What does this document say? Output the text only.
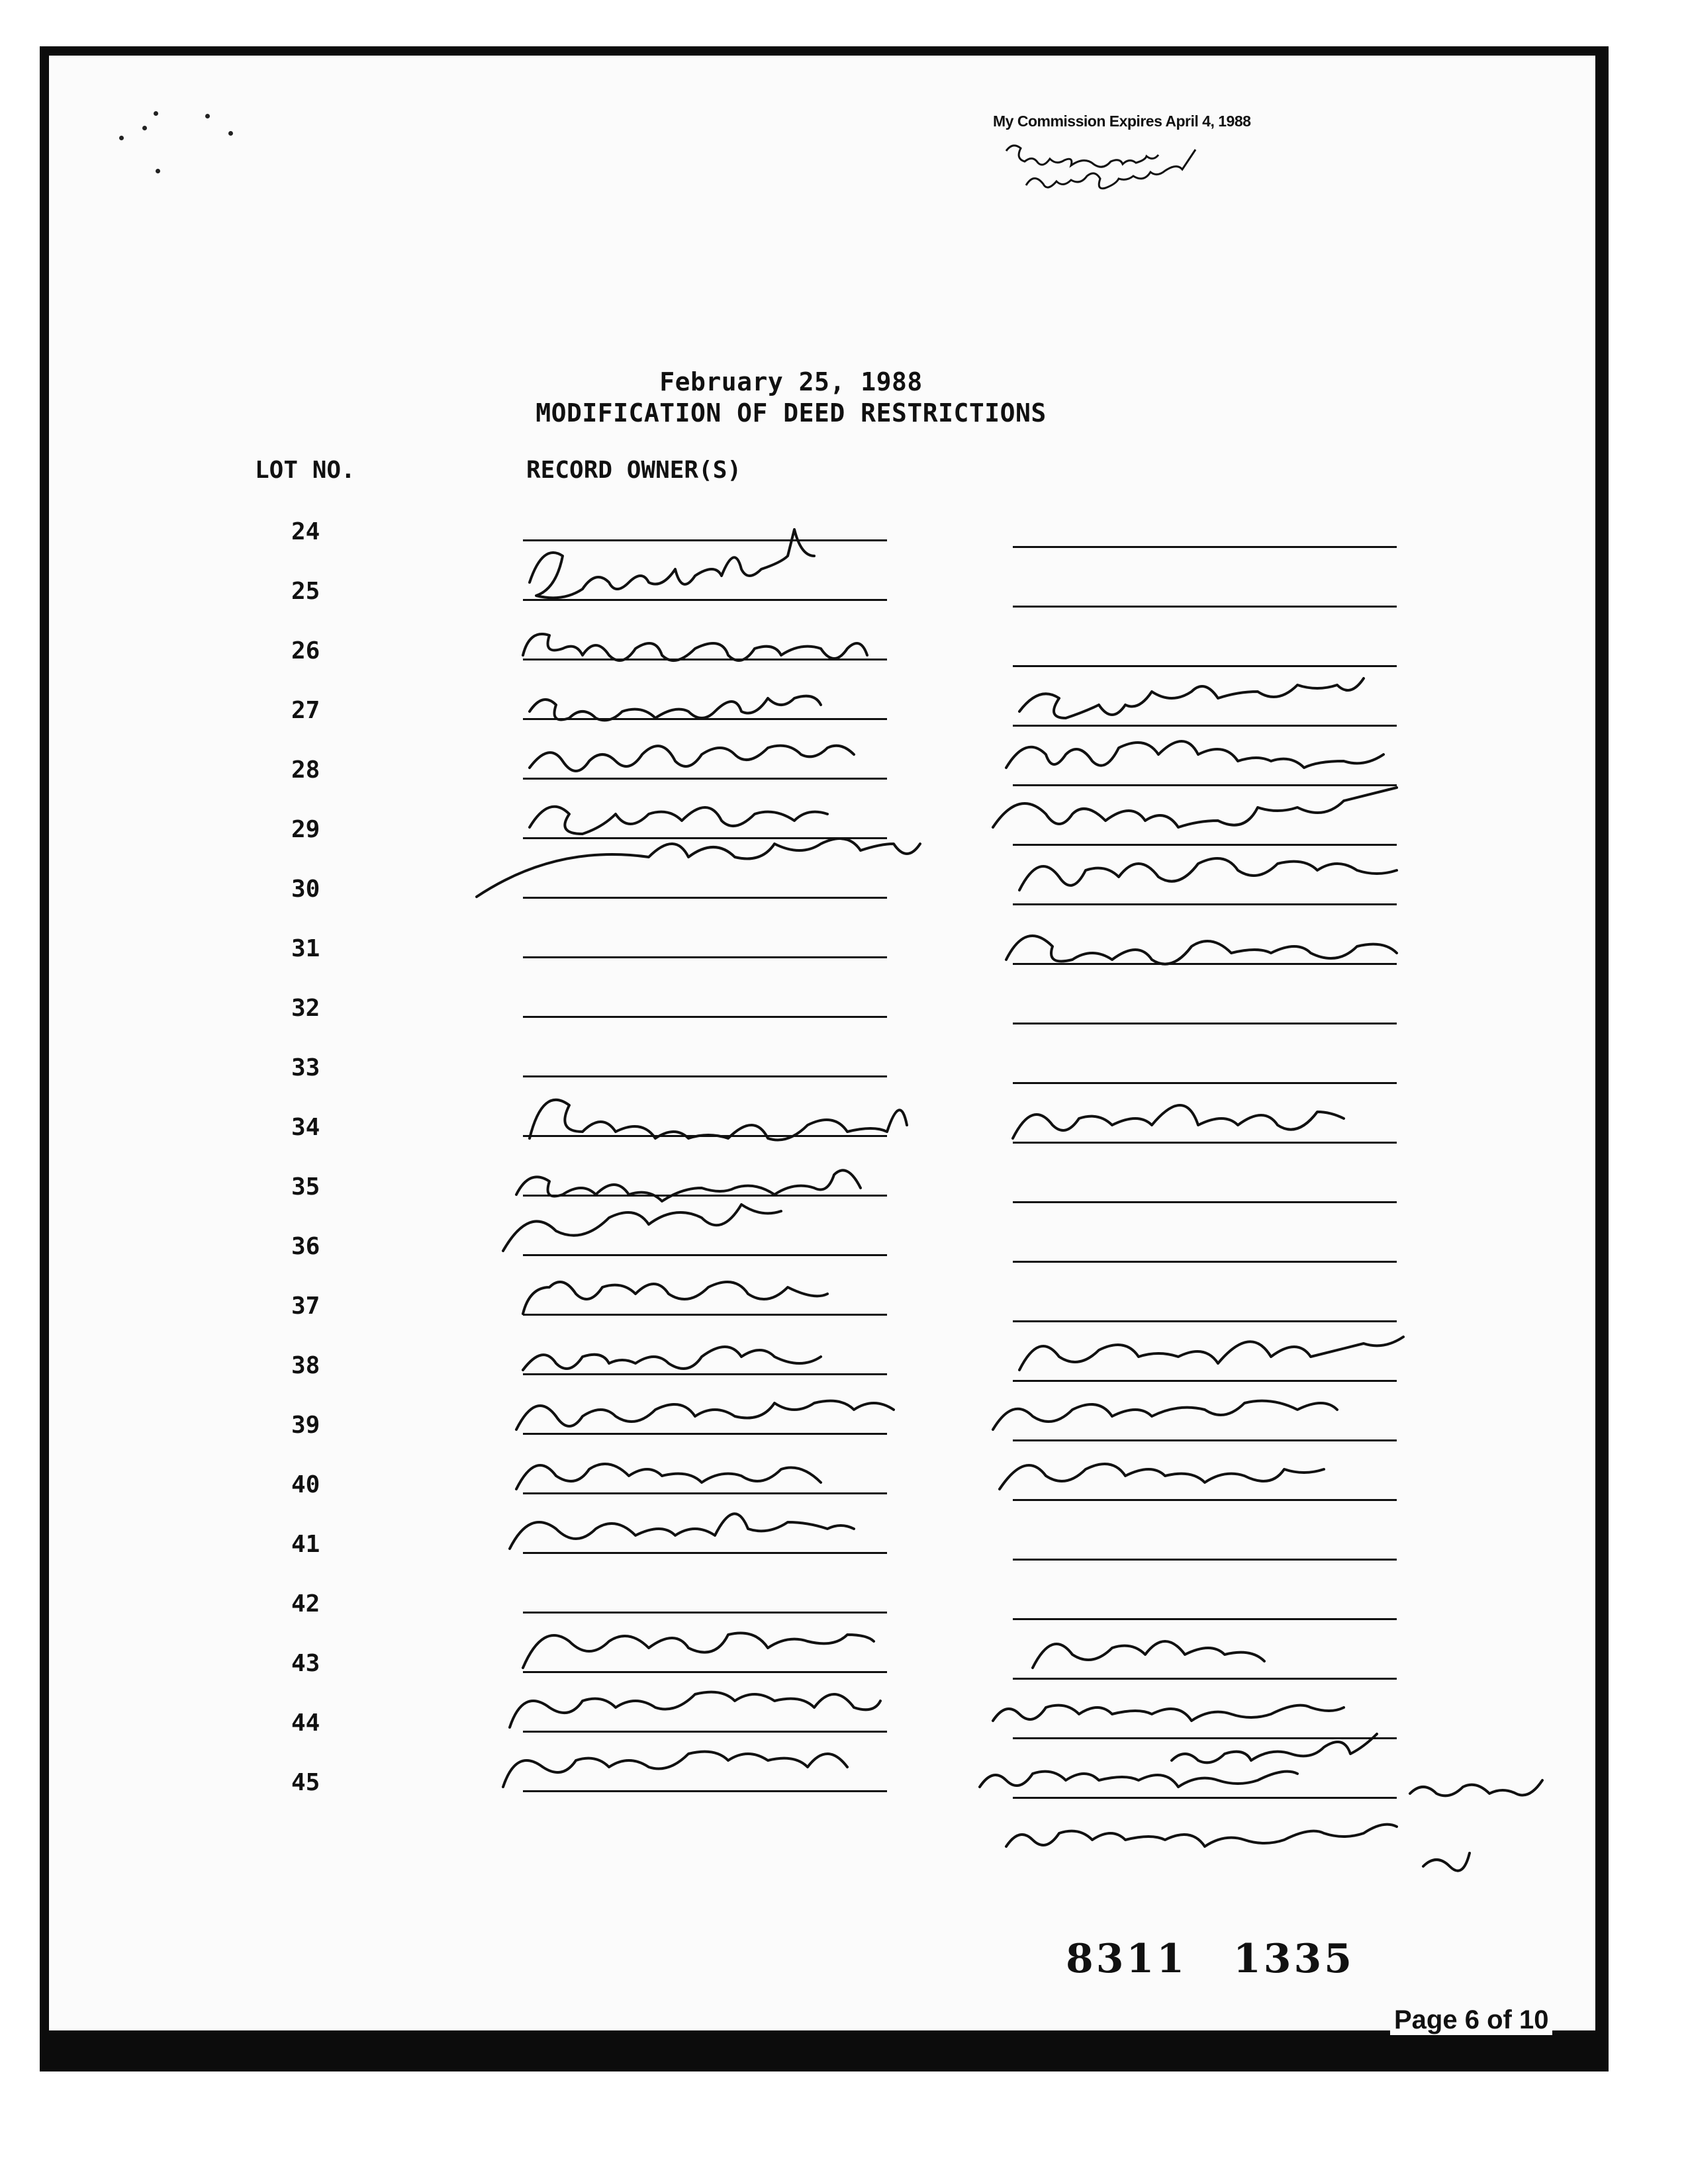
My Commission Expires April 4, 1988
February 25, 1988
MODIFICATION OF DEED RESTRICTIONS
LOT NO.	RECORD OWNER(S)
24
25
26
27
28
29
30
31
32
33
34
35
36
37
38
39
40
41
42
43
44
45
8311 1335
Page 6 of 10
